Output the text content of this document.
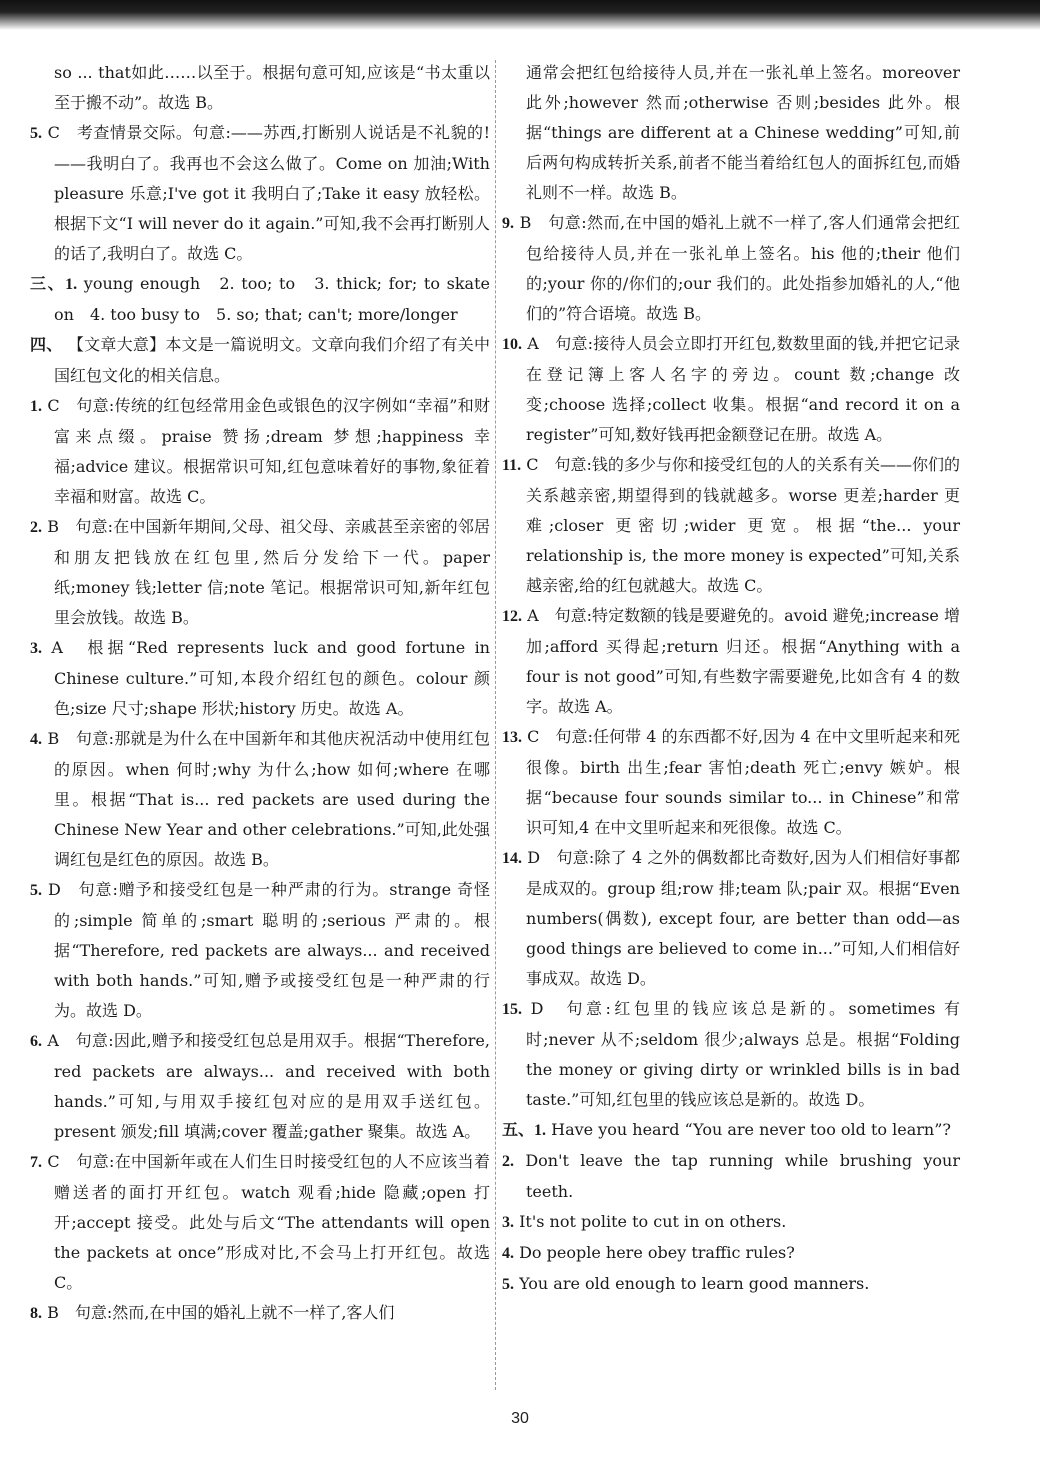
so ... that如此……以至于。根据句意可知,应该是“书太重以至于搬不动”。故选 B。

5. C　考查情景交际。句意:——苏西,打断别人说话是不礼貌的! ——我明白了。我再也不会这么做了。Come on 加油;With pleasure 乐意;I've got it 我明白了;Take it easy 放轻松。根据下文“I will never do it again.”可知,我不会再打断别人的话了,我明白了。故选 C。

三、1. young enough　2. too; to　3. thick; for; to skate on　4. too busy to　5. so; that; can't; more/longer

四、 【文章大意】本文是一篇说明文。文章向我们介绍了有关中国红包文化的相关信息。

1. C　句意:传统的红包经常用金色或银色的汉字例如“幸福”和财富来点缀。praise 赞扬;dream 梦想;happiness 幸福;advice 建议。根据常识可知,红包意味着好的事物,象征着幸福和财富。故选 C。

2. B　句意:在中国新年期间,父母、祖父母、亲戚甚至亲密的邻居和朋友把钱放在红包里,然后分发给下一代。paper 纸;money 钱;letter 信;note 笔记。根据常识可知,新年红包里会放钱。故选 B。

3. A　根据“Red represents luck and good fortune in Chinese culture.”可知,本段介绍红包的颜色。colour 颜色;size 尺寸;shape 形状;history 历史。故选 A。

4. B　句意:那就是为什么在中国新年和其他庆祝活动中使用红包的原因。when 何时;why 为什么;how 如何;where 在哪里。根据“That is... red packets are used during the Chinese New Year and other celebrations.”可知,此处强调红包是红色的原因。故选 B。

5. D　句意:赠予和接受红包是一种严肃的行为。strange 奇怪的;simple 简单的;smart 聪明的;serious 严肃的。根据“Therefore, red packets are always... and received with both hands.”可知,赠予或接受红包是一种严肃的行为。故选 D。

6. A　句意:因此,赠予和接受红包总是用双手。根据“Therefore, red packets are always... and received with both hands.”可知,与用双手接红包对应的是用双手送红包。present 颁发;fill 填满;cover 覆盖;gather 聚集。故选 A。

7. C　句意:在中国新年或在人们生日时接受红包的人不应该当着赠送者的面打开红包。watch 观看;hide 隐藏;open 打开;accept 接受。此处与后文“The attendants will open the packets at once”形成对比,不会马上打开红包。故选 C。

8. B　句意:然而,在中国的婚礼上就不一样了,客人们

通常会把红包给接待人员,并在一张礼单上签名。moreover 此外;however 然而;otherwise 否则;besides 此外。根据“things are different at a Chinese wedding”可知,前后两句构成转折关系,前者不能当着给红包人的面拆红包,而婚礼则不一样。故选 B。

9. B　句意:然而,在中国的婚礼上就不一样了,客人们通常会把红包给接待人员,并在一张礼单上签名。his 他的;their 他们的;your 你的/你们的;our 我们的。此处指参加婚礼的人,“他们的”符合语境。故选 B。

10. A　句意:接待人员会立即打开红包,数数里面的钱,并把它记录在登记簿上客人名字的旁边。count 数;change 改变;choose 选择;collect 收集。根据“and record it on a register”可知,数好钱再把金额登记在册。故选 A。

11. C　句意:钱的多少与你和接受红包的人的关系有关——你们的关系越亲密,期望得到的钱就越多。worse 更差;harder 更难;closer 更密切;wider 更宽。根据“the... your relationship is, the more money is expected”可知,关系越亲密,给的红包就越大。故选 C。

12. A　句意:特定数额的钱是要避免的。avoid 避免;increase 增加;afford 买得起;return 归还。根据“Anything with a four is not good”可知,有些数字需要避免,比如含有 4 的数字。故选 A。

13. C　句意:任何带 4 的东西都不好,因为 4 在中文里听起来和死很像。birth 出生;fear 害怕;death 死亡;envy 嫉妒。根据“because four sounds similar to... in Chinese”和常识可知,4 在中文里听起来和死很像。故选 C。

14. D　句意:除了 4 之外的偶数都比奇数好,因为人们相信好事都是成双的。group 组;row 排;team 队;pair 双。根据“Even numbers(偶数), except four, are better than odd—as good things are believed to come in...”可知,人们相信好事成双。故选 D。

15. D　句意:红包里的钱应该总是新的。sometimes 有时;never 从不;seldom 很少;always 总是。根据“Folding the money or giving dirty or wrinkled bills is in bad taste.”可知,红包里的钱应该总是新的。故选 D。

五、1. Have you heard “You are never too old to learn”?

2. Don't leave the tap running while brushing your teeth.

3. It's not polite to cut in on others.

4. Do people here obey traffic rules?

5. You are old enough to learn good manners.

30
